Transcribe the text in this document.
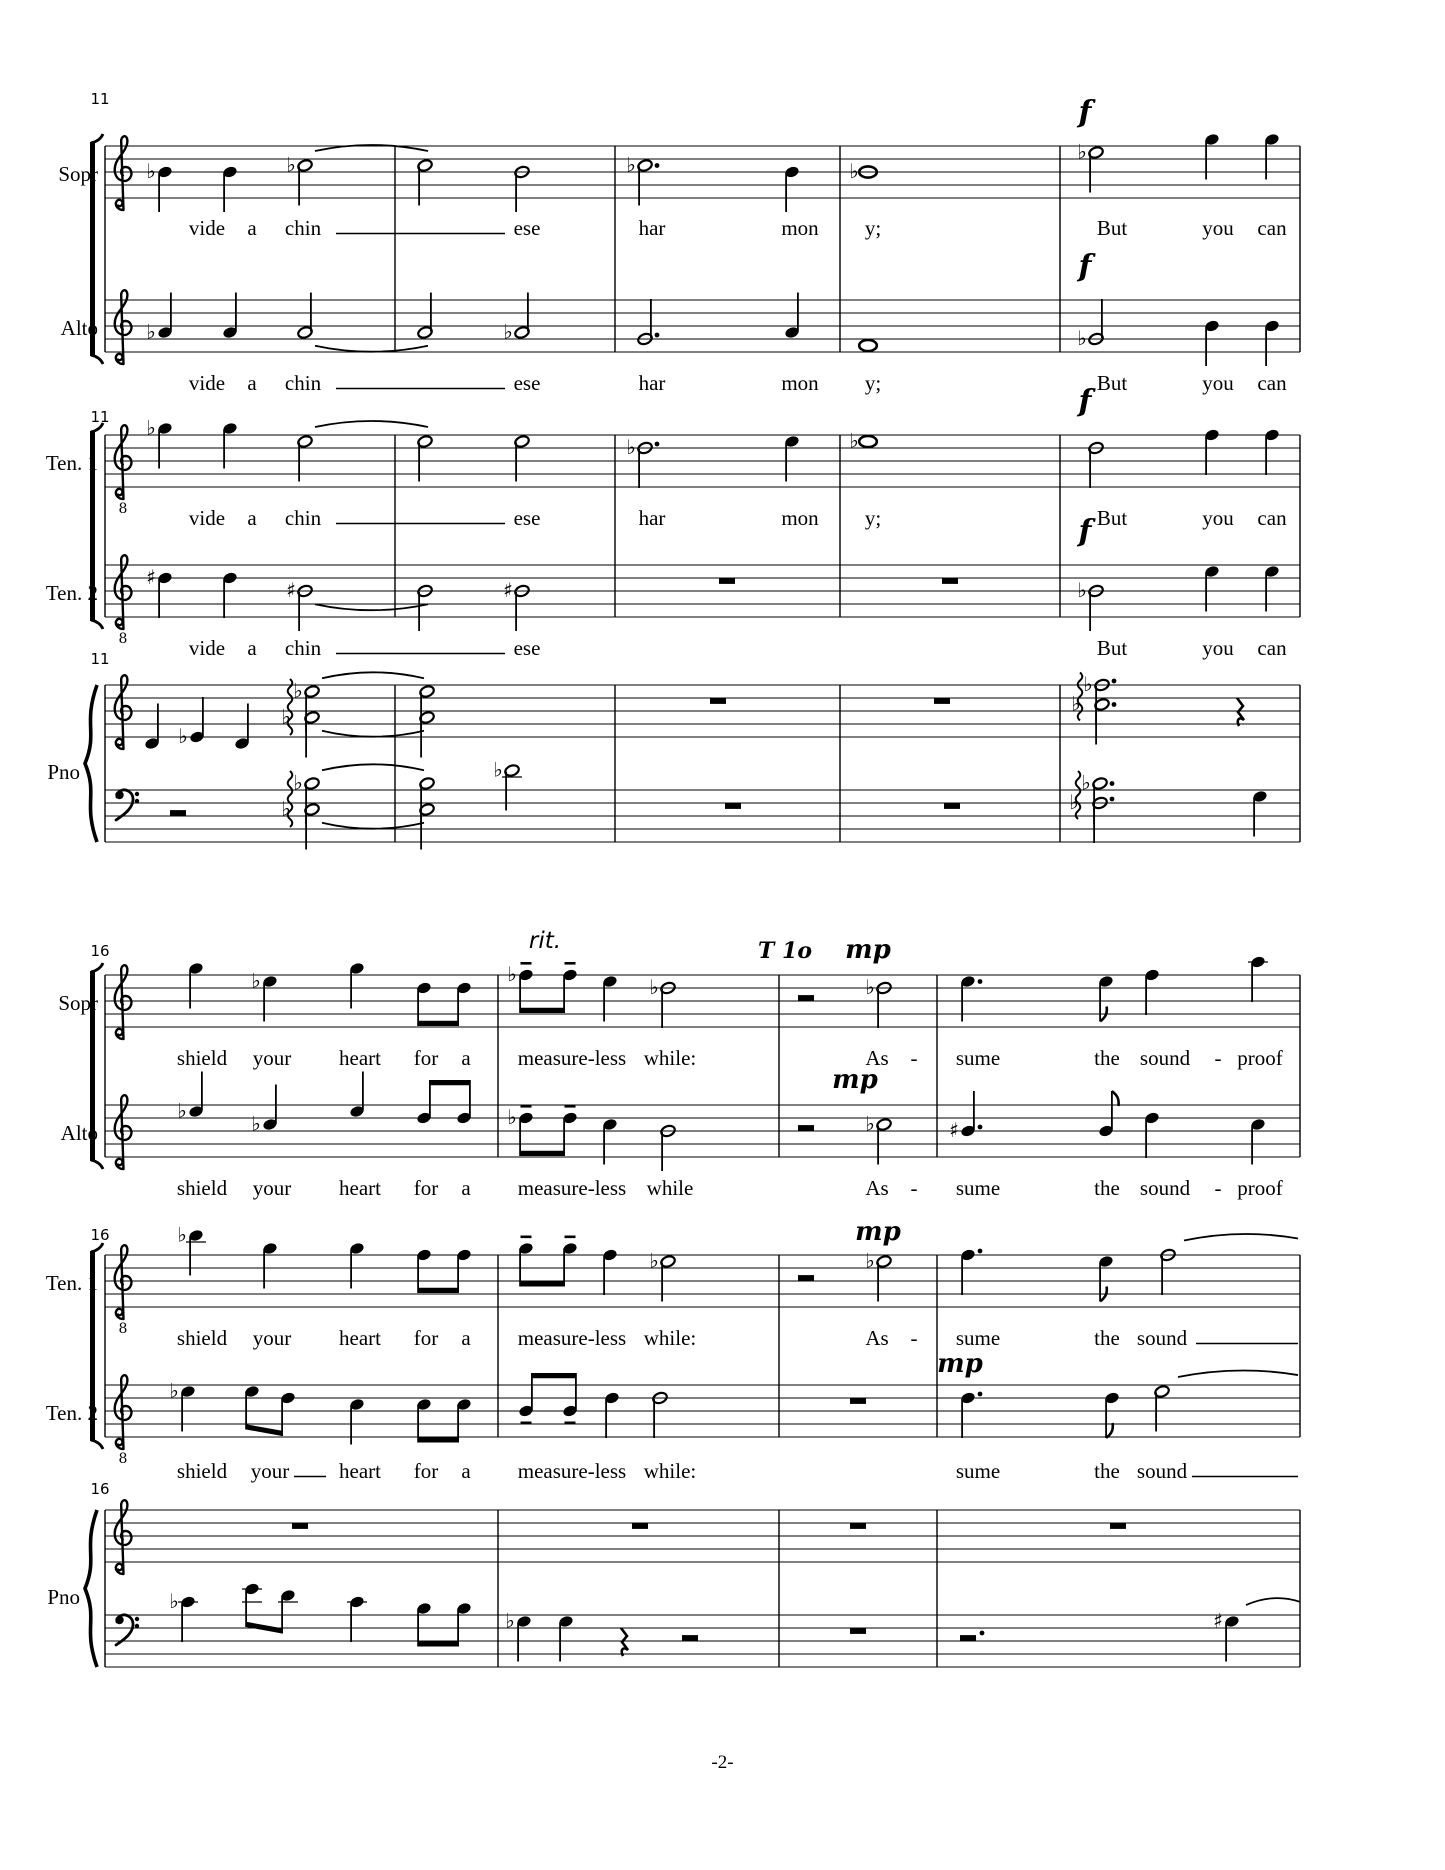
Sopr ♭	♭	♭	♭
♭
vide a chin	ese	har	mon y;	But	you can
Alto ♭	♭	♭
vide a chin	ese	har	mon y;	But	you can
Ten. 1
8
♭
♭	♭
vide a chin	ese	har	mon y;	But	you can
Ten. 2
8
♯
♯	♯	♭
vide a chin	ese	But	you can
Pno
♭
♭
♭
♭
♭
♭
♭
♭
♭
♭
11
11
11
f
f
f
f
Sopr
♭	♭
♭	♭
shield your heart for a measure-less while:	As - sume	the sound - proof
Alto
♭
♭	♭	♭	♯
shield your heart for a measure-less while	As - sume	the sound - proof
Ten. 1
8
♭
♭	♭
shield your heart for a measure-less while:	As - sume	the sound
Ten. 2
8
♭
shield your heart for a measure-less while:	sume	the sound
Pno	♭
♭	♯
16
16
16
rit.	T 1o mp
mp
mp
mp
-2-
